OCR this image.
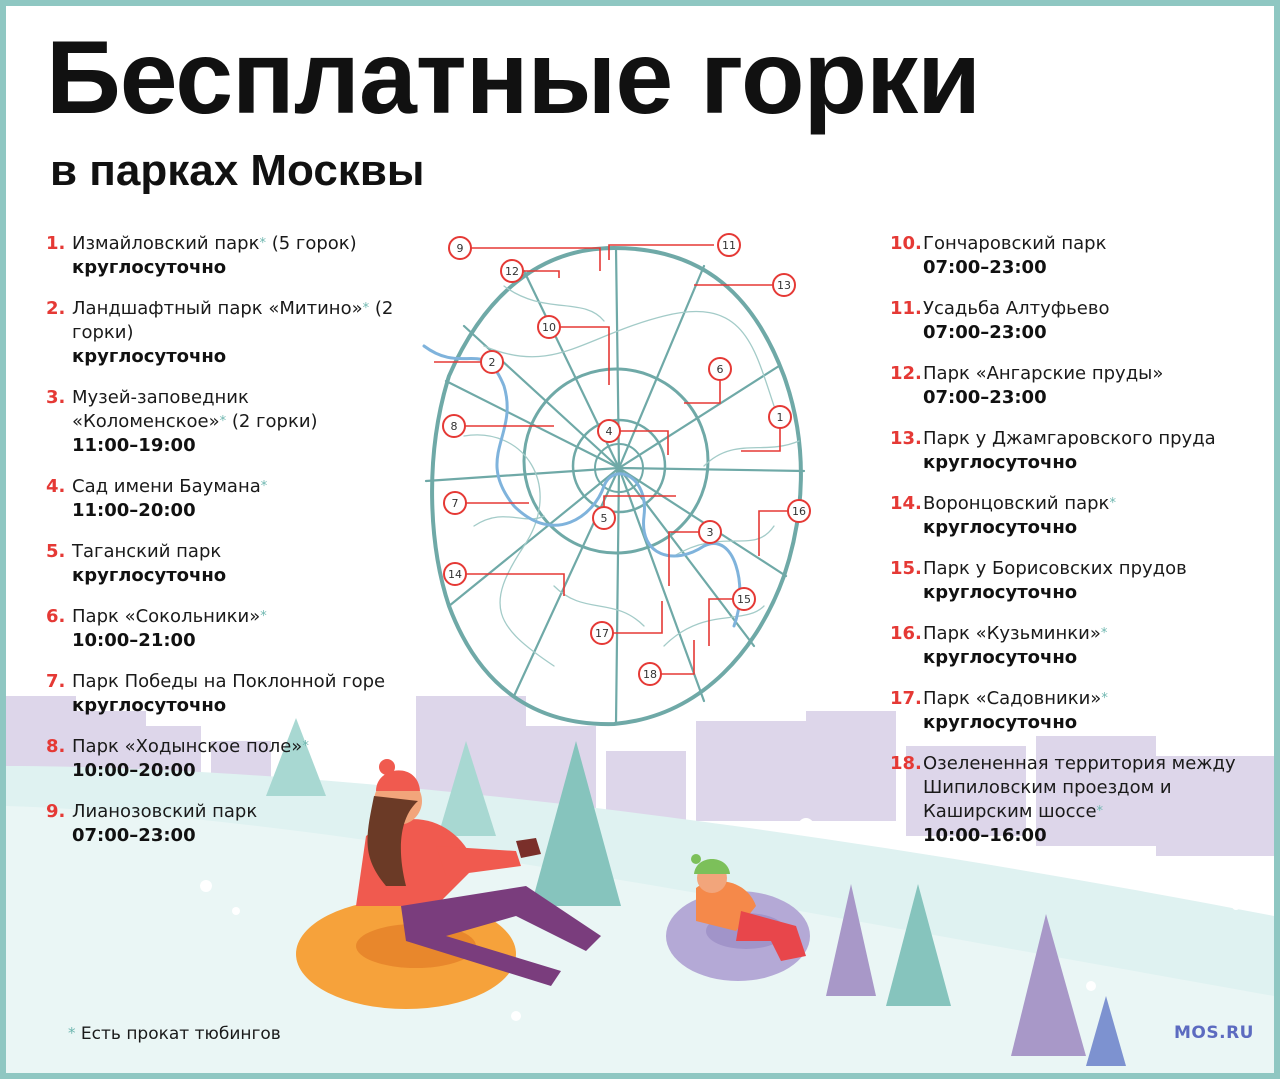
Бесплатные горки
в парках Москвы
1. Измайловский парк* (5 горок)
круглосуточно
2. Ландшафтный парк «Митино»* (2 горки)
круглосуточно
3. Музей-заповедник «Коломенское»* (2 горки)
11:00–19:00
4. Сад имени Баумана*
11:00–20:00
5. Таганский парк
круглосуточно
6. Парк «Сокольники»*
10:00–21:00
7. Парк Победы на Поклонной горе
круглосуточно
8. Парк «Ходынское поле»*
10:00–20:00
9. Лианозовский парк
07:00–23:00
10. Гончаровский парк
07:00–23:00
11. Усадьба Алтуфьево
07:00–23:00
12. Парк «Ангарские пруды»
07:00–23:00
13. Парк у Джамгаровского пруда
круглосуточно
14. Воронцовский парк*
круглосуточно
15. Парк у Борисовских прудов
круглосуточно
16. Парк «Кузьминки»*
круглосуточно
17. Парк «Садовники»*
круглосуточно
18. Озелененная территория между Шипиловским проездом и Каширским шоссе*
10:00–16:00
1
2
3
4
5
6
7
8
9
10
11
12
13
14
15
16
17
18
* Есть прокат тюбингов	MOS.RU
